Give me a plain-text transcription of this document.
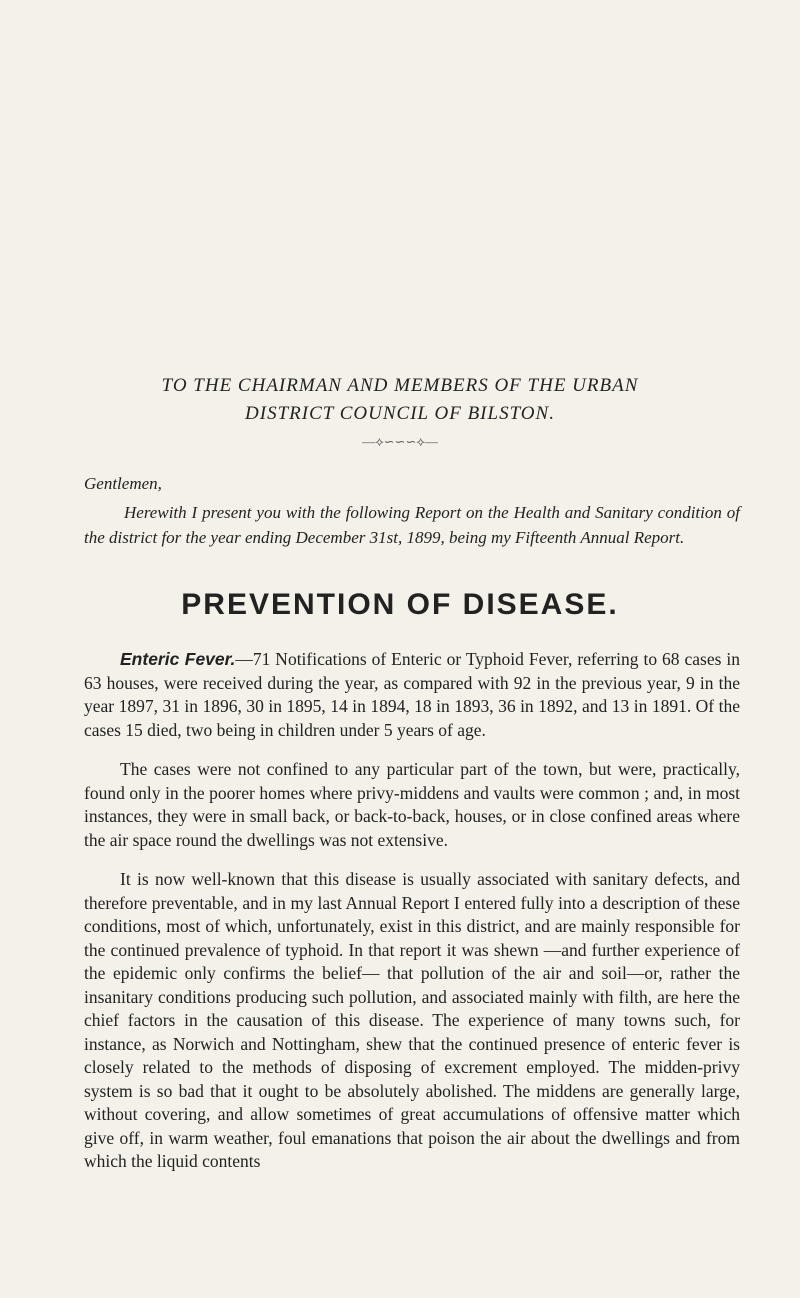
TO THE CHAIRMAN AND MEMBERS OF THE URBAN
DISTRICT COUNCIL OF BILSTON.

—⟡∽∽∽⟡—

Gentlemen,

Herewith I present you with the following Report on the Health and Sanitary condition of the district for the year ending December 31st, 1899, being my Fifteenth Annual Report.

PREVENTION OF DISEASE.

Enteric Fever.—71 Notifications of Enteric or Typhoid Fever, referring to 68 cases in 63 houses, were received during the year, as compared with 92 in the previous year, 9 in the year 1897, 31 in 1896, 30 in 1895, 14 in 1894, 18 in 1893, 36 in 1892, and 13 in 1891. Of the cases 15 died, two being in children under 5 years of age.

The cases were not confined to any particular part of the town, but were, practically, found only in the poorer homes where privy-middens and vaults were common ; and, in most instances, they were in small back, or back-to-back, houses, or in close confined areas where the air space round the dwellings was not extensive.

It is now well-known that this disease is usually associated with sanitary defects, and therefore preventable, and in my last Annual Report I entered fully into a description of these conditions, most of which, unfortunately, exist in this district, and are mainly responsible for the continued prevalence of typhoid. In that report it was shewn —and further experience of the epidemic only confirms the belief— that pollution of the air and soil—or, rather the insanitary conditions producing such pollution, and associated mainly with filth, are here the chief factors in the causation of this disease. The experience of many towns such, for instance, as Norwich and Nottingham, shew that the continued presence of enteric fever is closely related to the methods of disposing of excrement employed. The midden-privy system is so bad that it ought to be absolutely abolished. The middens are generally large, without covering, and allow sometimes of great accumulations of offensive matter which give off, in warm weather, foul emanations that poison the air about the dwellings and from which the liquid contents
